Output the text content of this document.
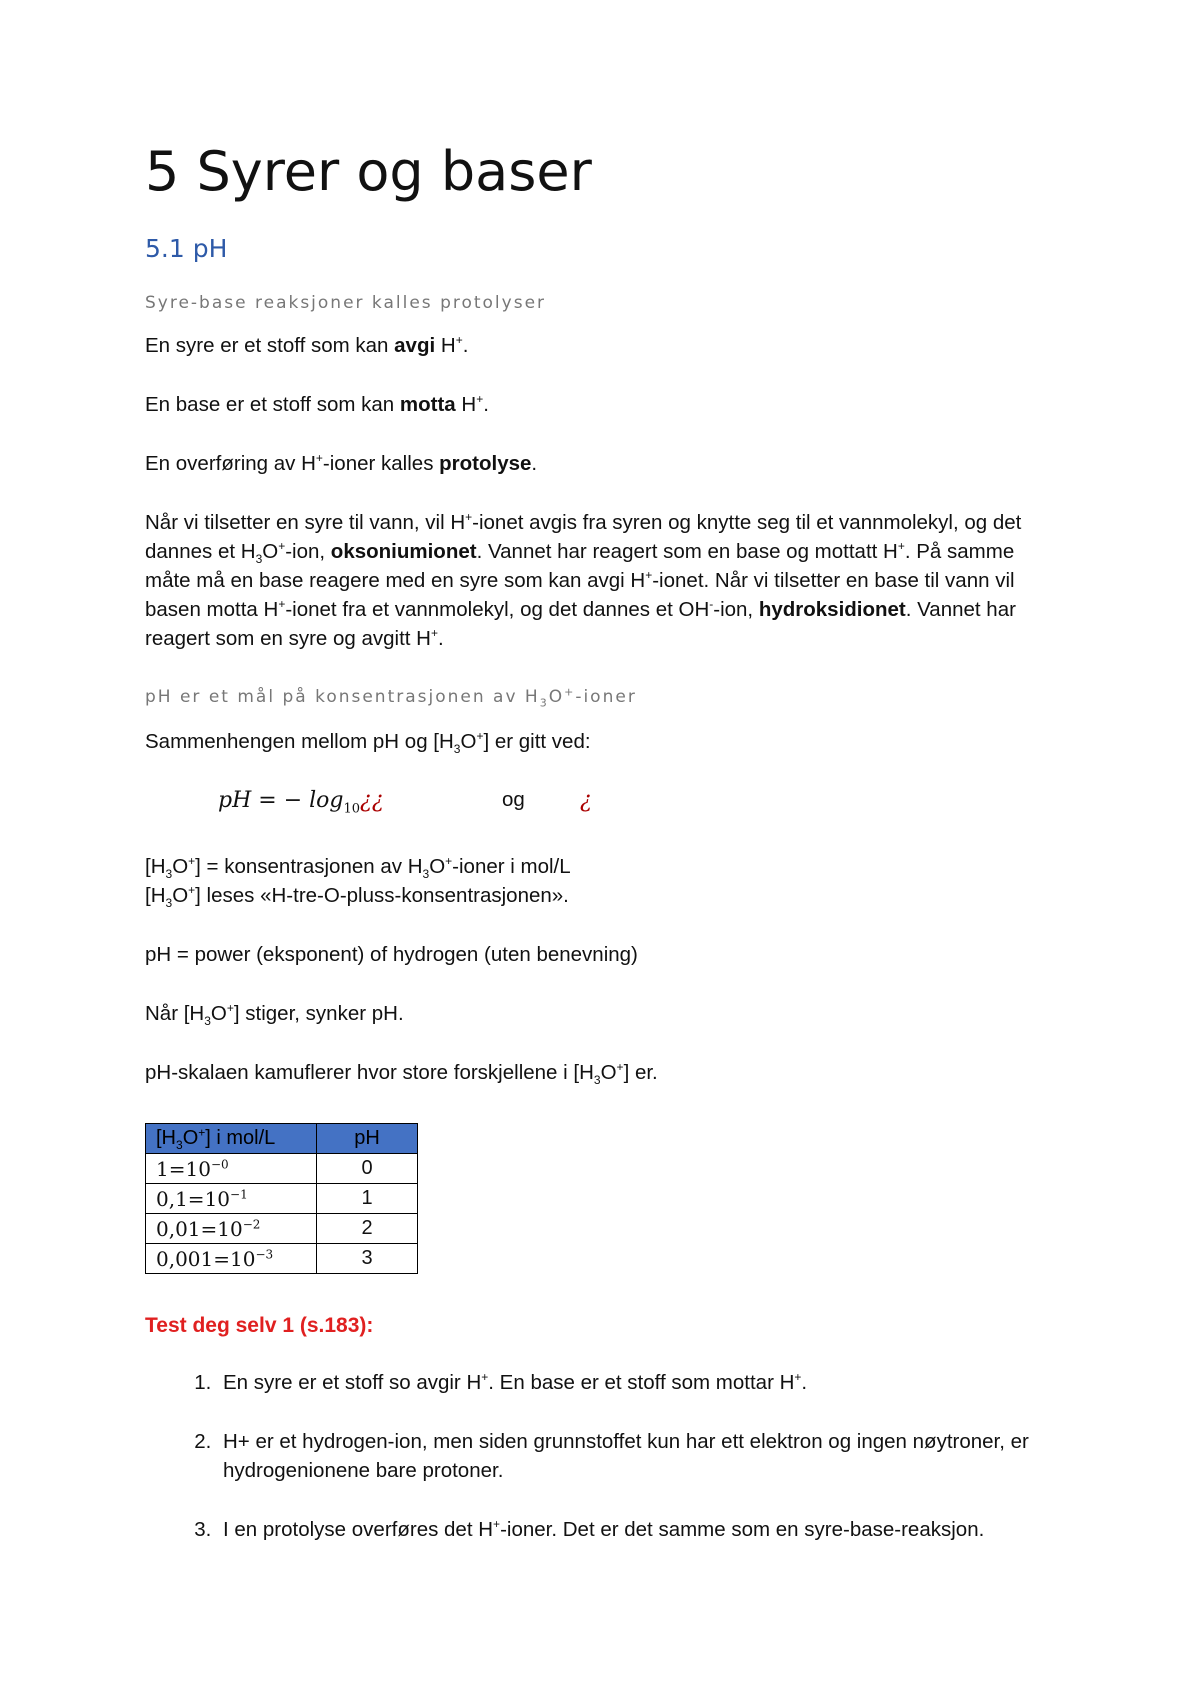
5 Syrer og baser
5.1 pH
Syre-base reaksjoner kalles protolyser

En syre er et stoff som kan avgi H+.

En base er et stoff som kan motta H+.

En overføring av H+-ioner kalles protolyse.

Når vi tilsetter en syre til vann, vil H+-ionet avgis fra syren og knytte seg til et vannmolekyl, og det dannes et $H_3O^+$-ion, oksoniumionet. Vannet har reagert som en base og mottatt H+. På samme måte må en base reagere med en syre som kan avgi H+-ionet. Når vi tilsetter en base til vann vil basen motta H+-ionet fra et vannmolekyl, og det dannes et OH--ion, hydroksidionet. Vannet har reagert som en syre og avgitt H+.

pH er et mål på konsentrasjonen av $H_3O^+$-ioner

Sammenhengen mellom pH og $[H_3O^+]$ er gitt ved:

pH = − $\log_{10}¿¿$	og	¿

$[H_3O^+]$ = konsentrasjonen av $H_3O^+$-ioner i mol/L

$[H_3O^+]$ leses «H-tre-O-pluss-konsentrasjonen».

pH = power (eksponent) of hydrogen (uten benevning)

Når $[H_3O^+]$ stiger, synker pH.

pH-skalaen kamuflerer hvor store forskjellene i $[H_3O^+]$ er.

$[H_3O^+]$ i mol/L	pH
$1=10^{-0}$	0
$0,1=10^{-1}$	1
$0,01=10^{-2}$	2
$0,001=10^{-3}$	3
Test deg selv 1 (s.183):
1. En syre er et stoff so avgir H+. En base er et stoff som mottar H+.
2. H+ er et hydrogen-ion, men siden grunnstoffet kun har ett elektron og ingen nøytroner, er hydrogenionene bare protoner.
3. I en protolyse overføres det H+-ioner. Det er det samme som en syre-base-reaksjon.
